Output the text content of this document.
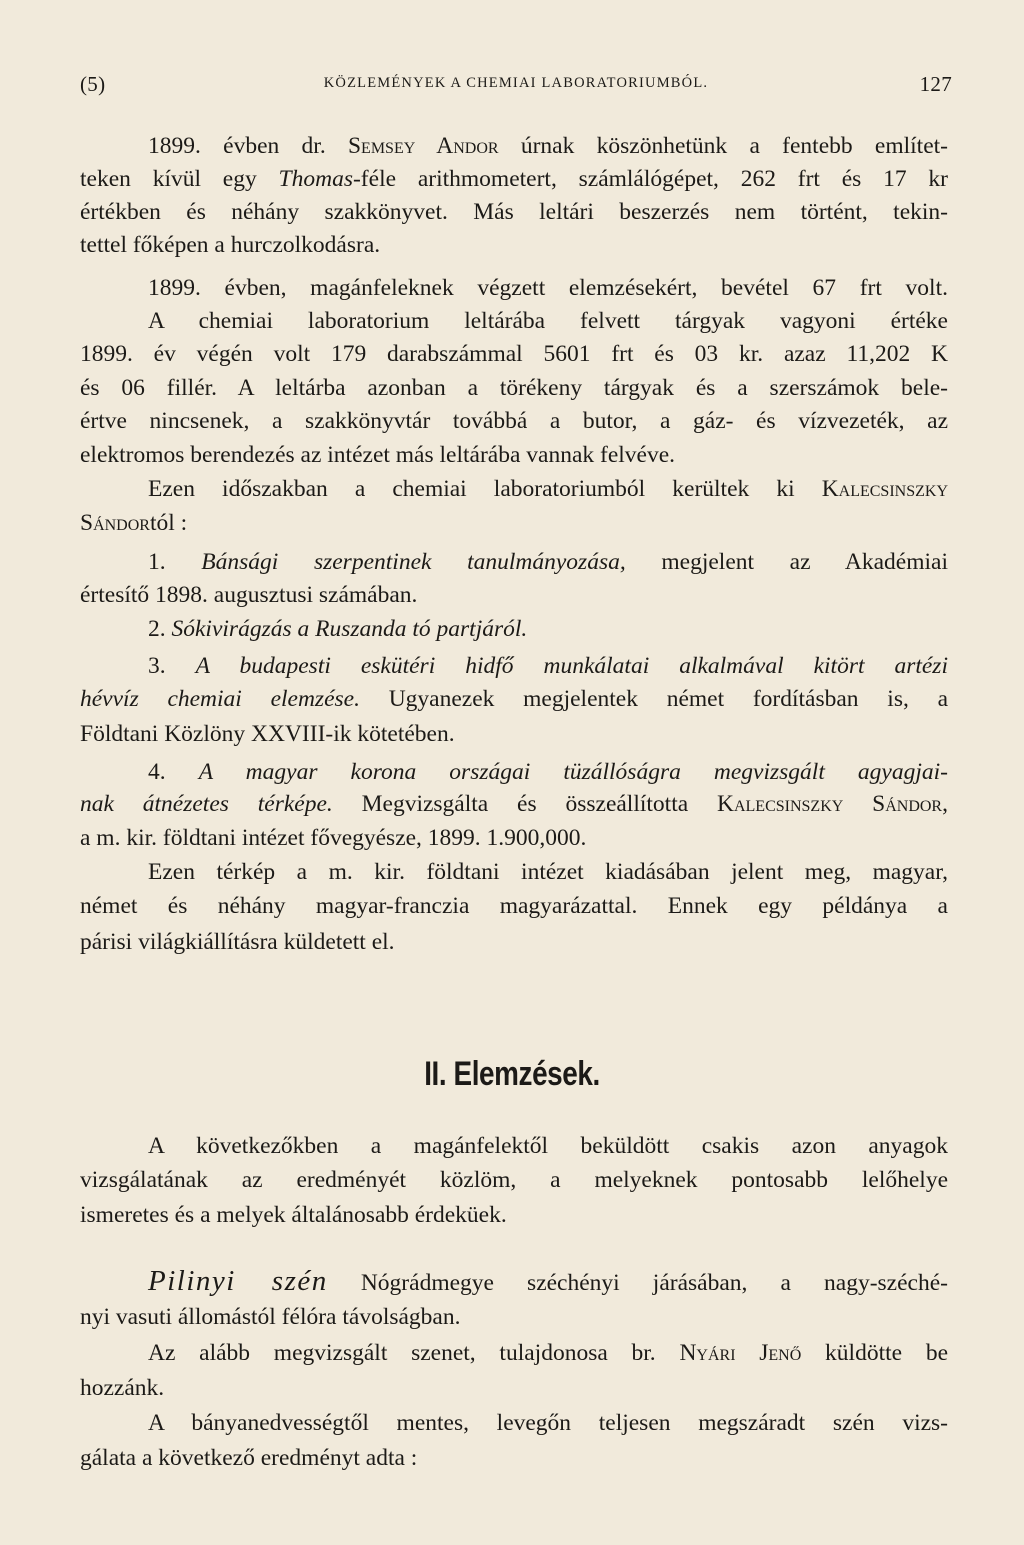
(5)	KÖZLEMÉNYEK A CHEMIAI LABORATORIUMBÓL.	127
1899. évben dr. Semsey Andor úrnak köszönhetünk a fentebb említet-
teken kívül egy Thomas-féle arithmometert, számlálógépet, 262 frt és 17 kr
értékben és néhány szakkönyvet. Más leltári beszerzés nem történt, tekin-
tettel főképen a hurczolkodásra.
1899. évben, magánfeleknek végzett elemzésekért, bevétel 67 frt volt.
A chemiai laboratorium leltárába felvett tárgyak vagyoni értéke
1899. év végén volt 179 darabszámmal 5601 frt és 03 kr. azaz 11,202 K
és 06 fillér. A leltárba azonban a törékeny tárgyak és a szerszámok bele-
értve nincsenek, a szakkönyvtár továbbá a butor, a gáz- és vízvezeték, az
elektromos berendezés az intézet más leltárába vannak felvéve.
Ezen időszakban a chemiai laboratoriumból kerültek ki Kalecsinszky
Sándortól :
1. Bánsági szerpentinek tanulmányozása, megjelent az Akadémiai
értesítő 1898. augusztusi számában.
2. Sókivirágzás a Ruszanda tó partjáról.
3. A budapesti eskütéri hidfő munkálatai alkalmával kitört artézi
hévvíz chemiai elemzése. Ugyanezek megjelentek német fordításban is, a
Földtani Közlöny XXVIII-ik kötetében.
4. A magyar korona országai tüzállóságra megvizsgált agyagjai-
nak átnézetes térképe. Megvizsgálta és összeállította Kalecsinszky Sándor,
a m. kir. földtani intézet fővegyésze, 1899. 1.900,000.
Ezen térkép a m. kir. földtani intézet kiadásában jelent meg, magyar,
német és néhány magyar-franczia magyarázattal. Ennek egy példánya a
párisi világkiállításra küldetett el.
II. Elemzések.
A következőkben a magánfelektől beküldött csakis azon anyagok
vizsgálatának az eredményét közlöm, a melyeknek pontosabb lelőhelye
ismeretes és a melyek általánosabb érdeküek.
Pilinyi szén Nógrádmegye széchényi járásában, a nagy-széché-
nyi vasuti állomástól félóra távolságban.
Az alább megvizsgált szenet, tulajdonosa br. Nyári Jenő küldötte be
hozzánk.
A bányanedvességtől mentes, levegőn teljesen megszáradt szén vizs-
gálata a következő eredményt adta :
